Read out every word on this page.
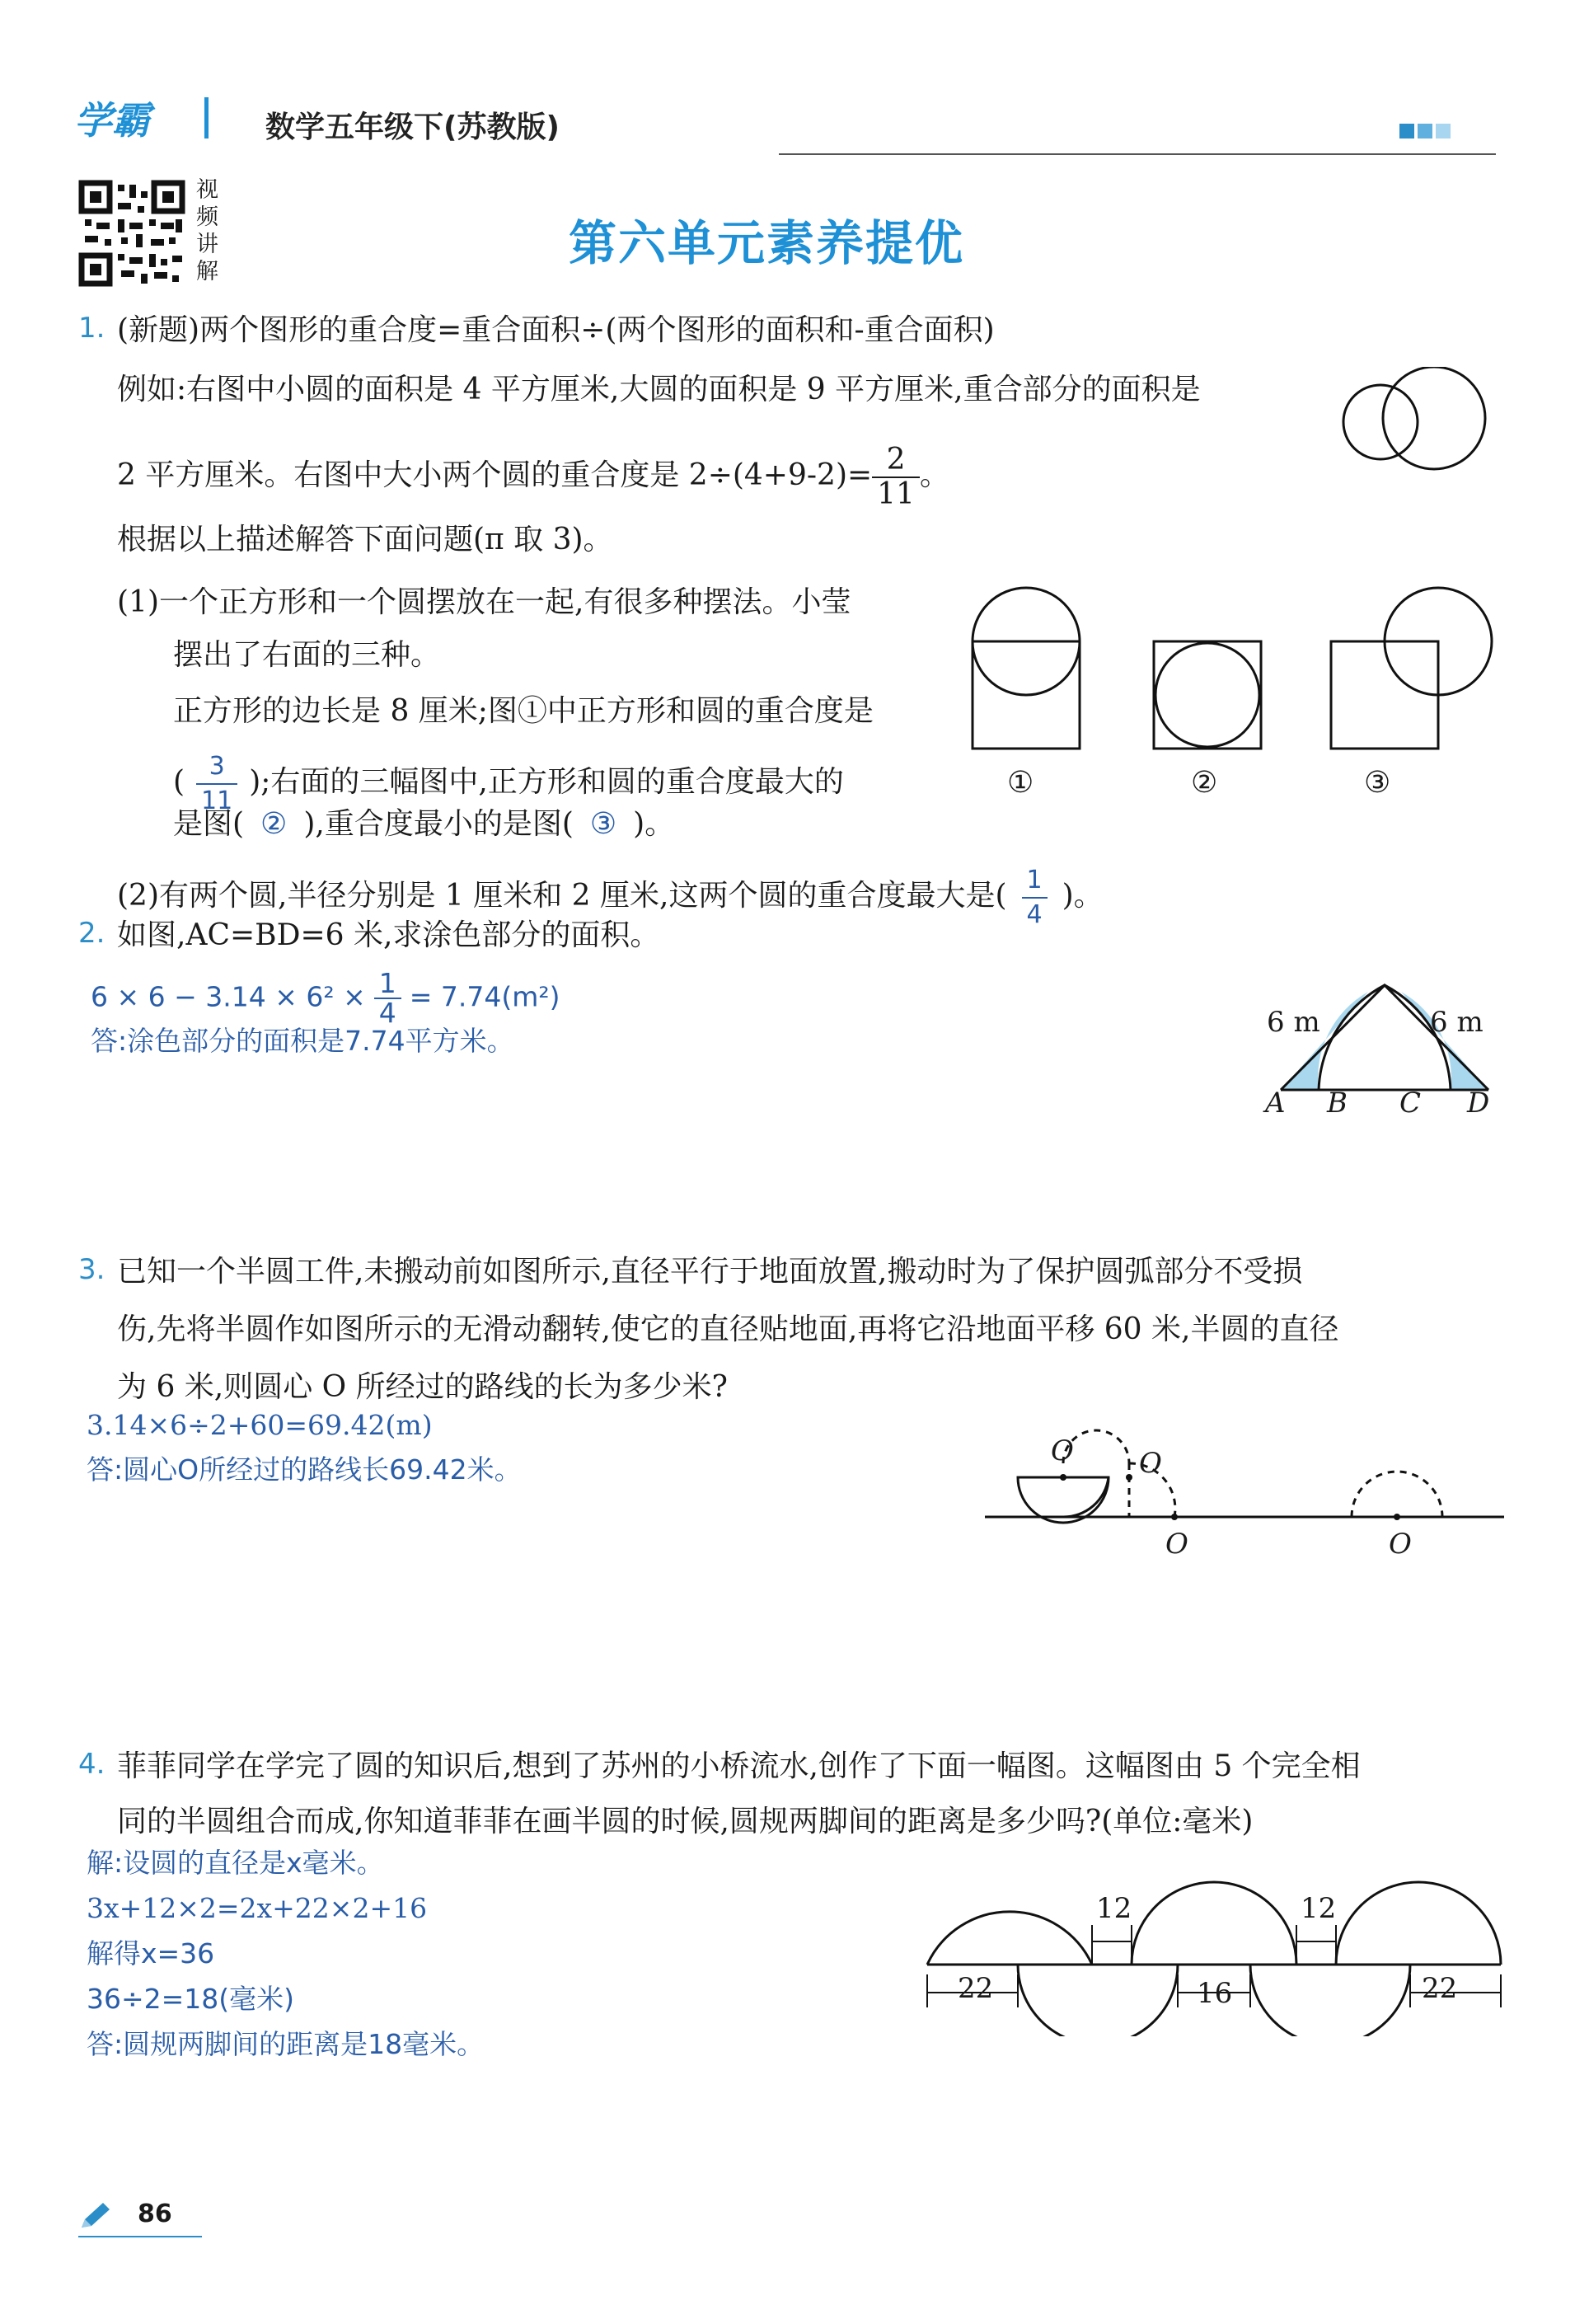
学霸	数学五年级下(苏教版)
视频讲解
第六单元素养提优
1. (新题)两个图形的重合度=重合面积÷(两个图形的面积和-重合面积)
例如:右图中小圆的面积是 4 平方厘米,大圆的面积是 9 平方厘米,重合部分的面积是
2 平方厘米。右图中大小两个圆的重合度是 $2\div(4+9-2)= \frac{2}{11}$ 。
根据以上描述解答下面问题(π 取 3)。
(1)一个正方形和一个圆摆放在一起,有很多种摆法。小莹
摆出了右面的三种。
正方形的边长是 8 厘米;图①中正方形和圆的重合度是
( $\frac{3}{11}$ );右面的三幅图中,正方形和圆的重合度最大的
是图( ② ),重合度最小的是图( ③ )。
①	②	③
(2)有两个圆,半径分别是 1 厘米和 2 厘米,这两个圆的重合度最大是( $\frac{1}{4}$ )。
2. 如图,AC=BD=6 米,求涂色部分的面积。
$6 \times 6 - 3.14 \times 6^2 \times \frac{1}{4} = 7.74(m^2)$
答:涂色部分的面积是7.74平方米。
6 m	6 m
A B C D
3. 已知一个半圆工件,未搬动前如图所示,直径平行于地面放置,搬动时为了保护圆弧部分不受损
伤,先将半圆作如图所示的无滑动翻转,使它的直径贴地面,再将它沿地面平移 60 米,半圆的直径
为 6 米,则圆心 O 所经过的路线的长为多少米?
3.14×6÷2+60=69.42(m)
答:圆心O所经过的路线长69.42米。
O O
O	O
4. 菲菲同学在学完了圆的知识后,想到了苏州的小桥流水,创作了下面一幅图。这幅图由 5 个完全相
同的半圆组合而成,你知道菲菲在画半圆的时候,圆规两脚间的距离是多少吗?(单位:毫米)
解:设圆的直径是x毫米。
3x+12×2=2x+22×2+16
解得x=36
36÷2=18(毫米)
答:圆规两脚间的距离是18毫米。
12	12
16
22	22
86
